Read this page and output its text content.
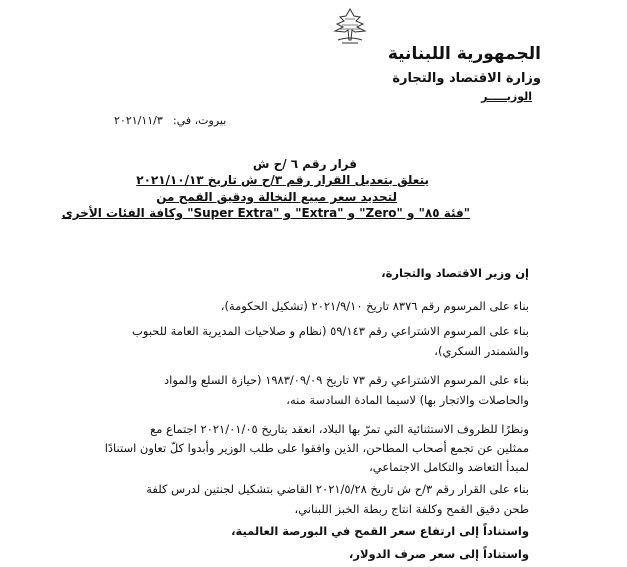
الجمهورية اللبنانية
وزارة الاقتصاد والتجارة
الوزيـــــر
بيروت، في:
٢٠٢١/١١/٣
قرار رقم ٦ /ح ش
يتعلق بتعديل القرار رقم ٣/ح ش تاريخ ٢٠٢١/١٠/١٣
لتحديد سعر مبيع النخالة ودقيق القمح من
"فئة ٨٥" و "Zero" و "Extra" و "Super Extra" وكافة الفئات الأخرى
إن وزير الاقتصاد والتجارة،
بناء على المرسوم رقم ٨٣٧٦ تاريخ ٢٠٢١/٩/١٠ (تشكيل الحكومة)،
بناء على المرسوم الاشتراعي رقم ٥٩/١٤٣ (نظام و صلاحيات المديرية العامة للحبوب
والشمندر السكري)،
بناء على المرسوم الاشتراعي رقم ٧٣ تاريخ ١٩٨٣/٠٩/٠٩ (حيازة السلع والمواد
والحاصلات والاتجار بها) لاسيما المادة السادسة منه،
ونظرًا للظروف الاستثنائية التي تمرّ بها البلاد، انعقد بتاريخ ٢٠٢١/٠١/٠٥ اجتماع مع
ممثلين عن تجمع أصحاب المطاحن، الذين وافقوا على طلب الوزير وأبدوا كلّ تعاون استنادًا
لمبدأ التعاضد والتكامل الاجتماعي،
بناء على القرار رقم ٣/ح ش تاريخ ٢٠٢١/٥/٢٨ القاضي بتشكيل لجنتين لدرس كلفة
طحن دقيق القمح وكلفة انتاج ربطة الخبز اللبناني،
واستناداً إلى ارتفاع سعر القمح في البورصة العالمية،
واستناداً إلى سعر صرف الدولار،
